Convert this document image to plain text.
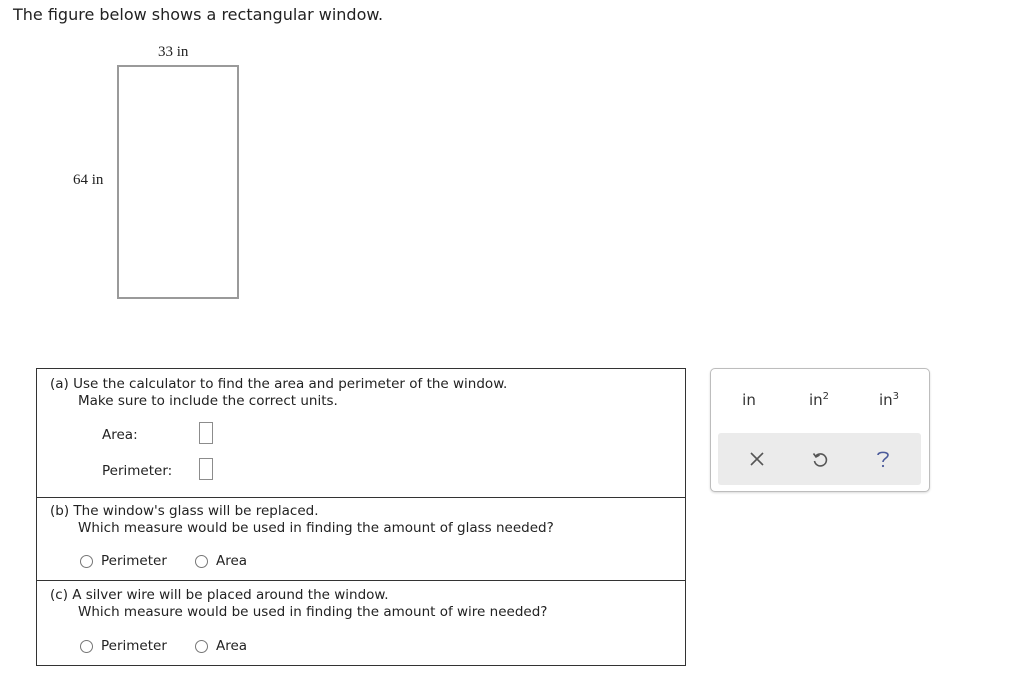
The figure below shows a rectangular window.
33 in
64 in
(a) Use the calculator to find the area and perimeter of the window.
Make sure to include the correct units.
Area:
Perimeter:
(b) The window's glass will be replaced.
Which measure would be used in finding the amount of glass needed?
Perimeter	Area
(c) A silver wire will be placed around the window.
Which measure would be used in finding the amount of wire needed?
Perimeter	Area
in	$in^2$	$in^3$
